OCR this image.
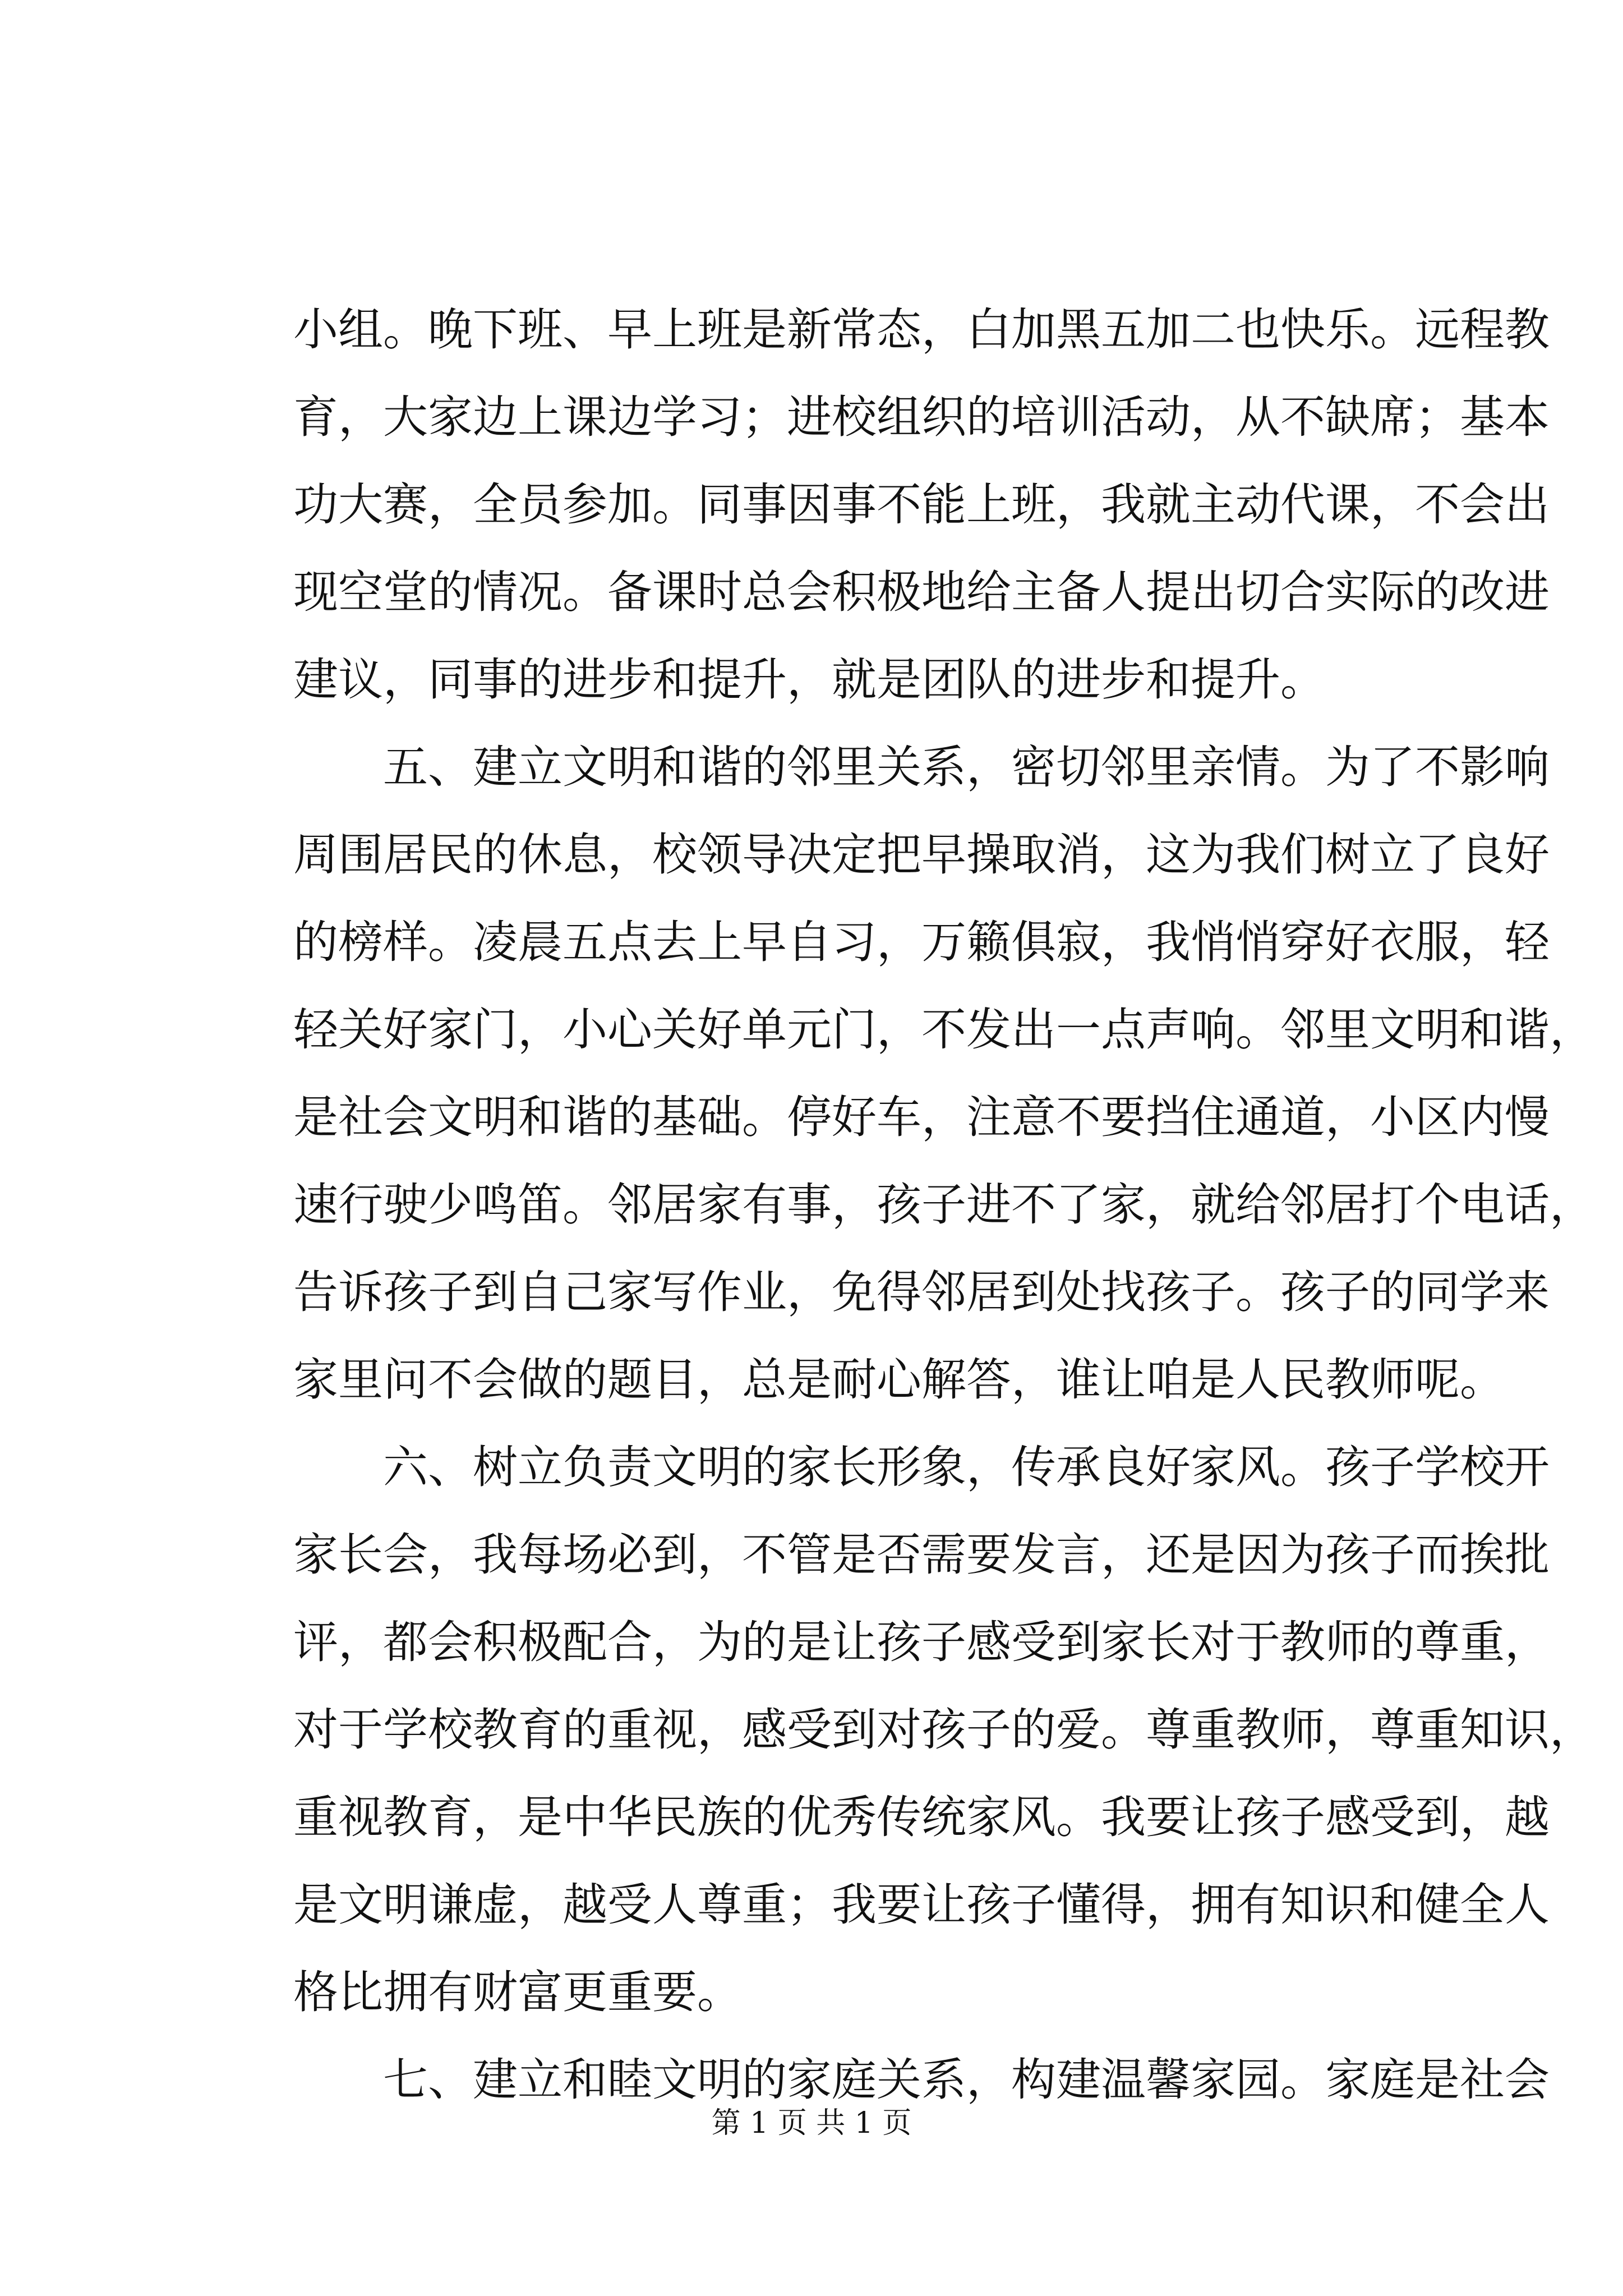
小组。晚下班、早上班是新常态，白加黑五加二也快乐。远程教
育，大家边上课边学习；进校组织的培训活动，从不缺席；基本
功大赛，全员参加。同事因事不能上班，我就主动代课，不会出
现空堂的情况。备课时总会积极地给主备人提出切合实际的改进
建议，同事的进步和提升，就是团队的进步和提升。
五、建立文明和谐的邻里关系，密切邻里亲情。为了不影响
周围居民的休息，校领导决定把早操取消，这为我们树立了良好
的榜样。凌晨五点去上早自习，万籁俱寂，我悄悄穿好衣服，轻
轻关好家门，小心关好单元门，不发出一点声响。邻里文明和谐，
是社会文明和谐的基础。停好车，注意不要挡住通道，小区内慢
速行驶少鸣笛。邻居家有事，孩子进不了家，就给邻居打个电话，
告诉孩子到自己家写作业，免得邻居到处找孩子。孩子的同学来
家里问不会做的题目，总是耐心解答，谁让咱是人民教师呢。
六、树立负责文明的家长形象，传承良好家风。孩子学校开
家长会，我每场必到，不管是否需要发言，还是因为孩子而挨批
评，都会积极配合，为的是让孩子感受到家长对于教师的尊重，
对于学校教育的重视，感受到对孩子的爱。尊重教师，尊重知识，
重视教育，是中华民族的优秀传统家风。我要让孩子感受到，越
是文明谦虚，越受人尊重；我要让孩子懂得，拥有知识和健全人
格比拥有财富更重要。
七、建立和睦文明的家庭关系，构建温馨家园。家庭是社会
第 1 页 共 1 页
